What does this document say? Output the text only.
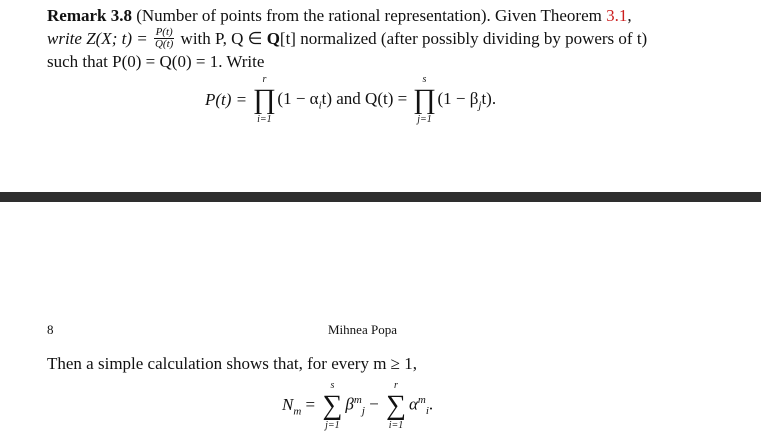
Remark 3.8 (Number of points from the rational representation). Given Theorem 3.1,
write Z(X; $t) = \frac{P(t)}{Q(t)}$ with P, Q ∈ Q[t] normalized (after possibly dividing by powers of t)
such that P(0) = Q(0) = 1. Write
P(t) =
r
∏
i=1
$(1 - \alpha_it)$ and Q(t) =
s
∏
j=1
$(1 - \beta_jt)$.
8	Mihnea Popa
Then a simple calculation shows that, for every m ≥ 1,
$N_m$ =
s
∑
j=1
$\beta^m_j$ −
r
∑
i=1
$\alpha^m_i$.
